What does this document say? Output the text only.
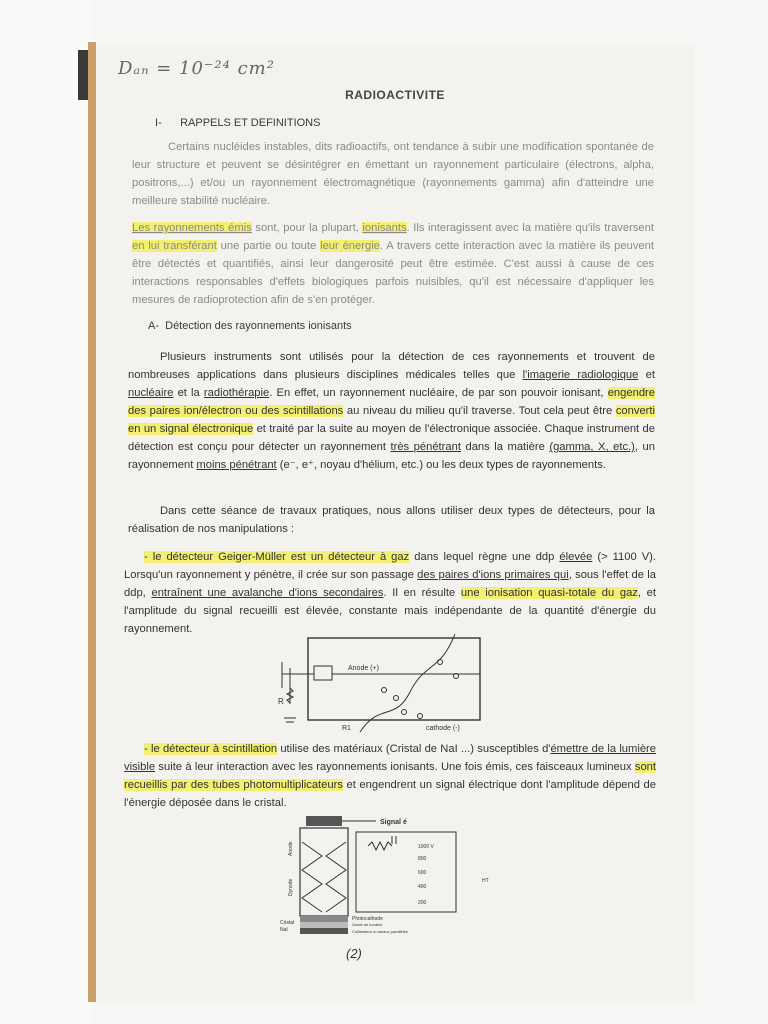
Dₐₙ = 10⁻²⁴ cm²
RADIOACTIVITE
I- RAPPELS ET DEFINITIONS
Certains nucléides instables, dits radioactifs, ont tendance à subir une modification spontanée de leur structure et peuvent se désintégrer en émettant un rayonnement particulaire (électrons, alpha, positrons,...) et/ou un rayonnement électromagnétique (rayonnements gamma) afin d'atteindre une meilleure stabilité nucléaire.
Les rayonnements émis sont, pour la plupart, ionisants. Ils interagissent avec la matière qu'ils traversent en lui transférant une partie ou toute leur énergie. A travers cette interaction avec la matière ils peuvent être détectés et quantifiés, ainsi leur dangerosité peut être estimée. C'est aussi à cause de ces interactions responsables d'effets biologiques parfois nuisibles, qu'il est nécessaire d'appliquer les mesures de radioprotection afin de s'en protéger.
A- Détection des rayonnements ionisants
Plusieurs instruments sont utilisés pour la détection de ces rayonnements et trouvent de nombreuses applications dans plusieurs disciplines médicales telles que l'imagerie radiologique et nucléaire et la radiothérapie. En effet, un rayonnement nucléaire, de par son pouvoir ionisant, engendre des paires ion/électron ou des scintillations au niveau du milieu qu'il traverse. Tout cela peut être converti en un signal électronique et traité par la suite au moyen de l'électronique associée. Chaque instrument de détection est conçu pour détecter un rayonnement très pénétrant dans la matière (gamma, X, etc.), un rayonnement moins pénétrant (e⁻, e⁺, noyau d'hélium, etc.) ou les deux types de rayonnements.
Dans cette séance de travaux pratiques, nous allons utiliser deux types de détecteurs, pour la réalisation de nos manipulations :
- le détecteur Geiger-Müller est un détecteur à gaz dans lequel règne une ddp élevée (> 1100 V). Lorsqu'un rayonnement y pénètre, il crée sur son passage des paires d'ions primaires qui, sous l'effet de la ddp, entraînent une avalanche d'ions secondaires. Il en résulte une ionisation quasi-totale du gaz, et l'amplitude du signal recueilli est élevée, constante mais indépendante de la quantité d'énergie du rayonnement.
Anode (+)
R
R1	cathode (-)
- le détecteur à scintillation utilise des matériaux (Cristal de NaI ...) susceptibles d'émettre de la lumière visible suite à leur interaction avec les rayonnements ionisants. Une fois émis, ces faisceaux lumineux sont recueillis par des tubes photomultiplicateurs et engendrent un signal électrique dont l'amplitude dépend de l'énergie déposée dans le cristal.
Signal é
1000 V
800
600
400
200
HT
Anode
Dynode
Photocathode
Guide de lumière
Collimateur à canaux parallèles
Cristal
NaI
(2)
